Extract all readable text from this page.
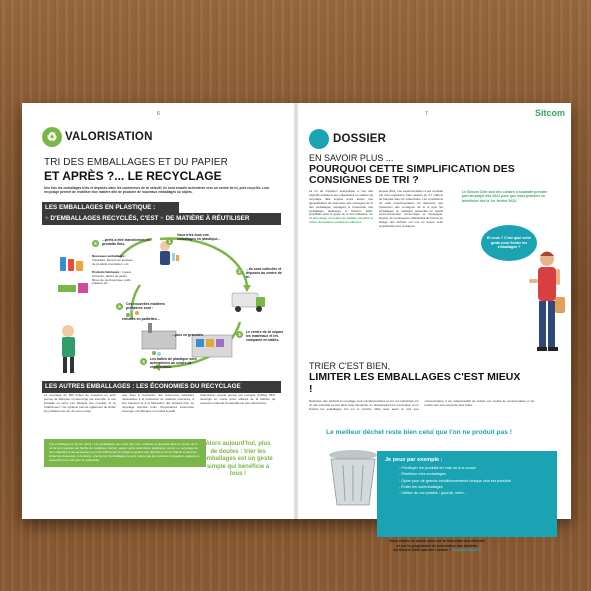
6
♻ VALORISATION
TRI DES EMBALLAGES ET DU PAPIER
ET APRÈS ?... LE RECYCLAGE
Une fois les emballages triés et déposés dans les conteneurs de tri sélectif, ils sont ensuite acheminés vers un centre de tri, puis recyclés. Leur recyclage permet de réutiliser leur matière afin de produire de nouveaux emballages ou objets.
LES EMBALLAGES EN PLASTIQUE :
+ D'EMBALLAGES RECYCLÉS, C'EST + DE MATIÈRE À RÉUTILISER
1
Vous triez tous vos emballages en plastique...
2	...ils sont collectés et déposés au centre de tri.
3	Le centre de tri sépare les matériaux et les compacte en balles.
4	Les balles de plastique sont acheminées au centre de régénération.
5	Ces nouvelles matières premières sont :
6
...prêts à être transformés en produits finis.
Nouveaux emballages : bouteilles, flacons de lessives, de produits d'entretien, etc.
Produits fabriqués : tuyaux, arrosoirs, tables de jardin, fibres de rembourrage, pulls polaires etc.
réduites en paillettes...
...puis en granulés.
LES AUTRES EMBALLAGES : LES ÉCONOMIES DU RECYCLAGE
Le recyclage de 850 boîtes de conserve en acier permet de fabriquer un lave-linge par exemple, et une bouteille en verre s'en fabrique une nouvelle, et se indéfiniment ! Ce système permet également de limiter les pollutions de l'air, de l'eau ou des
sols dues à l'extraction des ressources naturelles nécessaires à la production de matières premières, à leur transport et à la fabrication des produits finis. Le recyclage favorise enfin d'importantes économies d'énergie, car fabriquer un produit à partir
d'aluminium recyclé permet par exemple d'utiliser 95% d'énergie en moins qu'en utilisant de la bauxite (la ressource naturelle de laquelle est issu l'aluminium).
Vos emballages en fin de valeur ! Les emballages que vous triez sont collectés et apportés dans un centre de tri, où ils sont séparés par famille de matériaux (carton, papier, acier, aluminium, plastiques, verre). Le recyclage de ces matériaux à des acquéreurs permet d'alimenter le budget à gestion des déchets et de la collecte et ainsi de limiter les dépenses. A contrario, une bonne d'emballages ne sont même pas les colonnes ménagères également aujourd'hui un coût pour la collectivité.
Alors aujourd'hui, plus de doutes : trier les emballages est un geste simple qui bénéficie à tous !
7	Sitcom
DOSSIER
EN SAVOIR PLUS ...
POURQUOI CETTE SIMPLIFICATION DES CONSIGNES DE TRI ?
La loi de transition énergétique a fixé des objectifs ambitieux aux collectivités en matière de recyclage. Elle impose entre autres une généralisation de l'extension des consignes de tri des emballages ménagers à l'ensemble des emballages plastiques à l'horizon 2022, simplifiant ainsi le geste de tri des habitants. Un tri plus large, c'est plus de matière recyclée et moins de matières premières utilisées.
Depuis 2012, une expérimentation a été conduite par l'éco-organisme Citeo auprès de 3,7 millions de français dans 51 collectivités. Les conclusions de cette expérimentation ont démontré que l'extension des consignes de tri à tous les emballages en plastique présentait un intérêt environnemental, économique et écologique. Depuis, de nombreuses collectivités de France en charge des déchets ont mis en œuvre cette simplification des consignes.
Le Sitcom Côte sud des Landes a souhaité prendre part au projet dès 2021 pour que vous puissiez en bénéficier dès le 1er février 2022.
Et vous ? C'est quoi votre geste pour limiter les emballages ?
TRIER C'EST BIEN,
LIMITER LES EMBALLAGES C'EST MIEUX !
Réduction des déchets et recyclage sont complémentaires et sur, les industriels ont un rôle essentiel à jouer dans cette démarche, en développant l'éco-conception et en limitant les emballages mis sur le marché. Mais nous aussi en tant que consommateur, il est indispensable de réduire nos modes de consommation et de tendre vers une économie plus sobre.
Le meilleur déchet reste bien celui que l'on ne produit pas !
Je peux par exemple :
- Privilégier les produits en vrac ou à la coupe
- Réutiliser mes emballages
- Opter pour de grands conditionnements lorsque cela est possible
- Éviter les suremballages
- Utiliser du non jetable : gourde, verre...
Vous voulez en savoir plus sur la réduction des déchets
et sur le programme de prévention des déchets
du Sitcom Côte sud des Landes ? www.sitcom40.fr
